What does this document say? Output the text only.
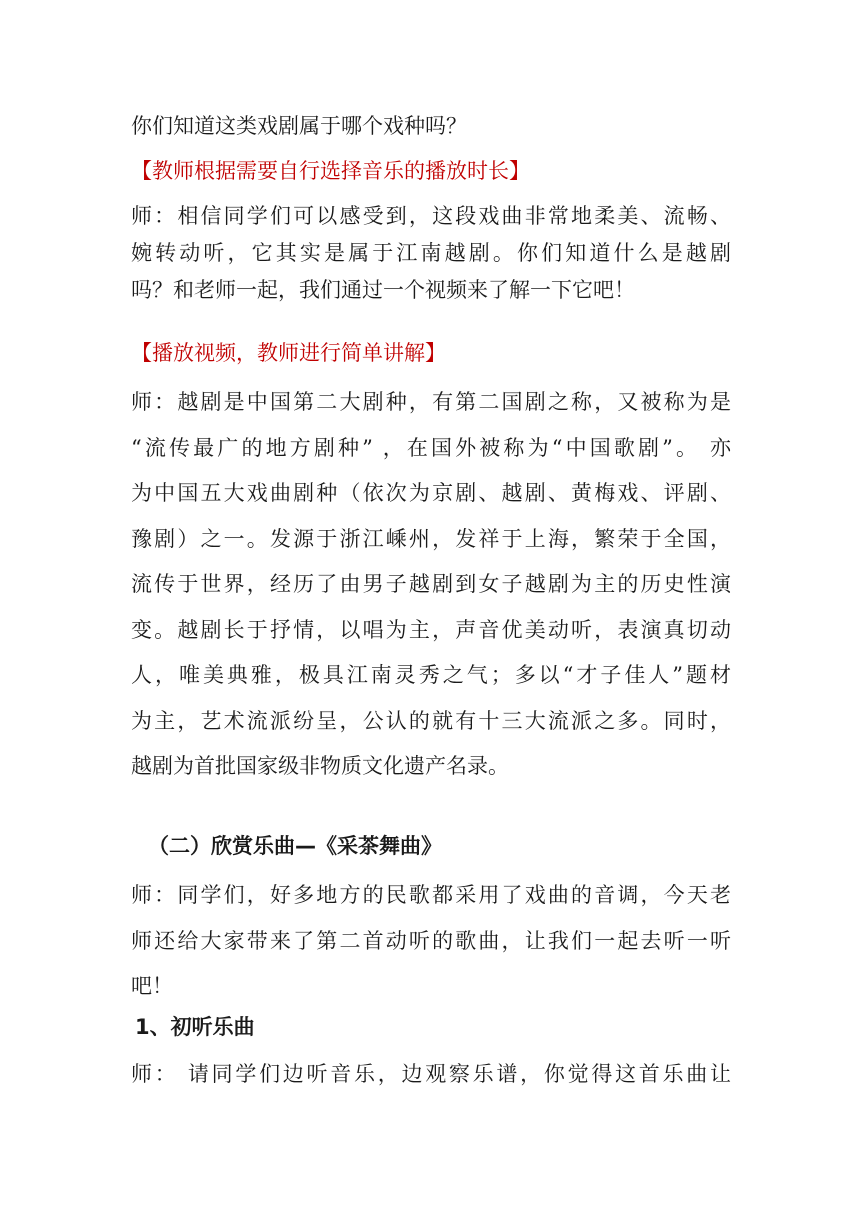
你们知道这类戏剧属于哪个戏种吗？

【教师根据需要自行选择音乐的播放时长】

师：相信同学们可以感受到，这段戏曲非常地柔美、流畅、
婉转动听，它其实是属于江南越剧。你们知道什么是越剧
吗？和老师一起，我们通过一个视频来了解一下它吧！

【播放视频，教师进行简单讲解】

师：越剧是中国第二大剧种，有第二国剧之称，又被称为是
“流传最广的地方剧种” ，在国外被称为“中国歌剧”。 亦
为中国五大戏曲剧种（依次为京剧、越剧、黄梅戏、评剧、
豫剧）之一。发源于浙江嵊州，发祥于上海，繁荣于全国，
流传于世界，经历了由男子越剧到女子越剧为主的历史性演
变。越剧长于抒情，以唱为主，声音优美动听，表演真切动
人，唯美典雅，极具江南灵秀之气；多以“才子佳人”题材
为主，艺术流派纷呈，公认的就有十三大流派之多。同时，
越剧为首批国家级非物质文化遗产名录。

（二）欣赏乐曲—《采茶舞曲》

师：同学们，好多地方的民歌都采用了戏曲的音调，今天老
师还给大家带来了第二首动听的歌曲，让我们一起去听一听
吧！

1、初听乐曲

师： 请同学们边听音乐，边观察乐谱，你觉得这首乐曲让
